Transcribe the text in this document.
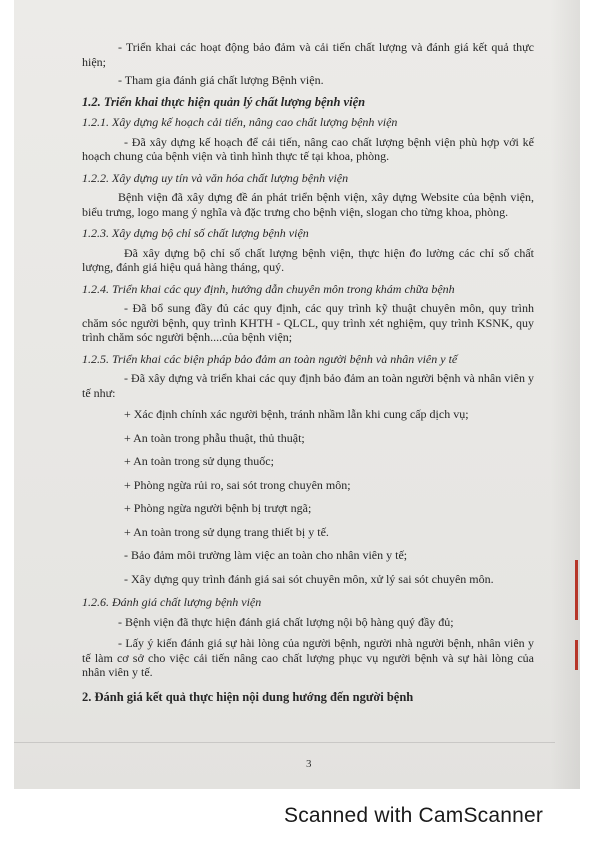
- Triển khai các hoạt động bảo đảm và cải tiến chất lượng và đánh giá kết quả thực hiện;

- Tham gia đánh giá chất lượng Bệnh viện.

1.2. Triển khai thực hiện quản lý chất lượng bệnh viện

1.2.1. Xây dựng kế hoạch cải tiến, nâng cao chất lượng bệnh viện

- Đã xây dựng kế hoạch để cải tiến, nâng cao chất lượng bệnh viện phù hợp với kế hoạch chung của bệnh viện và tình hình thực tế tại khoa, phòng.

1.2.2. Xây dựng uy tín và văn hóa chất lượng bệnh viện

Bệnh viện đã xây dựng đề án phát triển bệnh viện, xây dựng Website của bệnh viện, biểu trưng, logo mang ý nghĩa và đặc trưng cho bệnh viện, slogan cho từng khoa, phòng.

1.2.3. Xây dựng bộ chỉ số chất lượng bệnh viện

Đã xây dựng bộ chỉ số chất lượng bệnh viện, thực hiện đo lường các chỉ số chất lượng, đánh giá hiệu quả hàng tháng, quý.

1.2.4. Triển khai các quy định, hướng dẫn chuyên môn trong khám chữa bệnh

- Đã bổ sung đầy đủ các quy định, các quy trình kỹ thuật chuyên môn, quy trình chăm sóc người bệnh, quy trình KHTH - QLCL, quy trình xét nghiệm, quy trình KSNK, quy trình chăm sóc người bệnh....của bệnh viện;

1.2.5. Triển khai các biện pháp bảo đảm an toàn người bệnh và nhân viên y tế

- Đã xây dựng và triển khai các quy định bảo đảm an toàn người bệnh và nhân viên y tế như:

+ Xác định chính xác người bệnh, tránh nhầm lẫn khi cung cấp dịch vụ;

+ An toàn trong phẫu thuật, thủ thuật;

+ An toàn trong sử dụng thuốc;

+ Phòng ngừa rủi ro, sai sót trong chuyên môn;

+ Phòng ngừa người bệnh bị trượt ngã;

+ An toàn trong sử dụng trang thiết bị y tế.

- Bảo đảm môi trường làm việc an toàn cho nhân viên y tế;

- Xây dựng quy trình đánh giá sai sót chuyên môn, xử lý sai sót chuyên môn.

1.2.6. Đánh giá chất lượng bệnh viện

- Bệnh viện đã thực hiện đánh giá chất lượng nội bộ hàng quý đầy đủ;

- Lấy ý kiến đánh giá sự hài lòng của người bệnh, người nhà người bệnh, nhân viên y tế làm cơ sở cho việc cải tiến nâng cao chất lượng phục vụ người bệnh và sự hài lòng của nhân viên y tế.

2. Đánh giá kết quả thực hiện nội dung hướng đến người bệnh

3
Scanned with CamScanner
